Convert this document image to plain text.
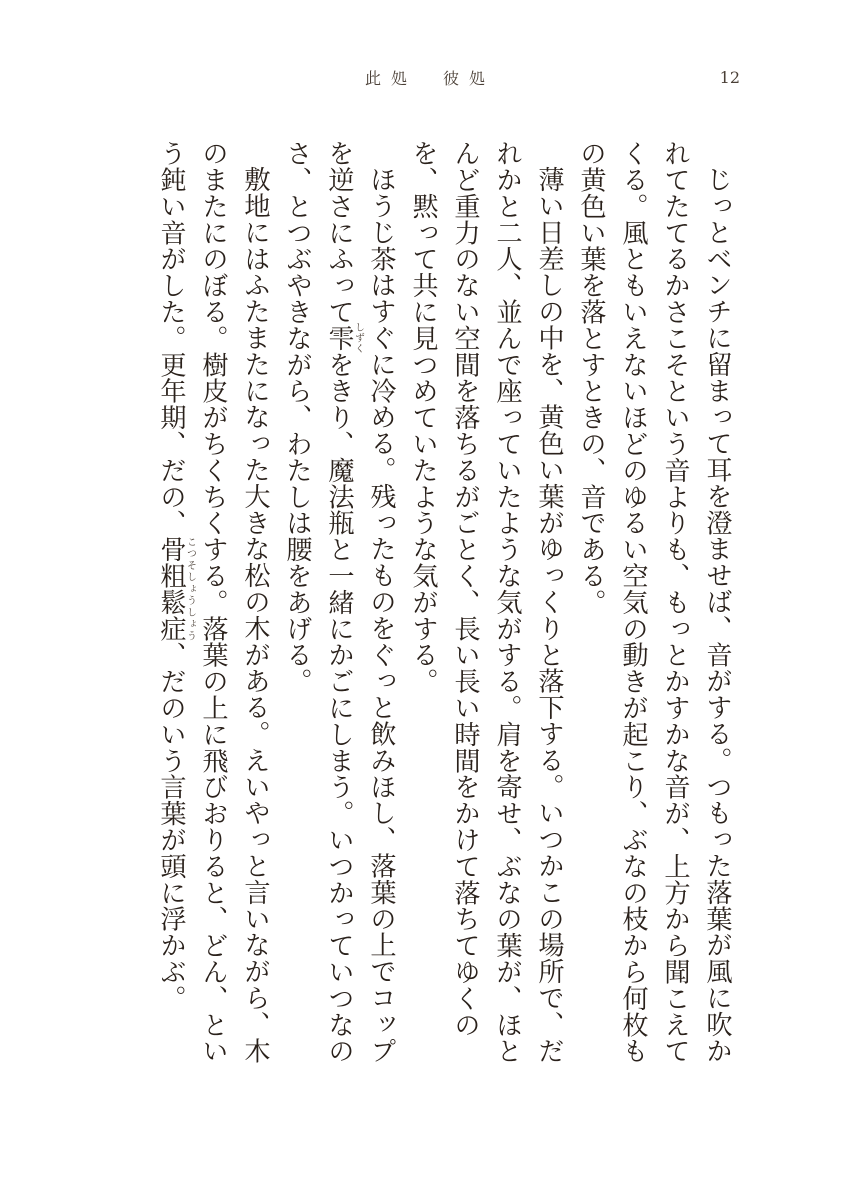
此処　彼処	12

じっとベンチに留まって耳を澄ませば、音がする。つもった落葉が風に吹かれてたてるかさこそという音よりも、もっとかすかな音が、上方から聞こえてくる。風ともいえないほどのゆるい空気の動きが起こり、ぶなの枝から何枚もの黄色い葉を落とすときの、音である。

薄い日差しの中を、黄色い葉がゆっくりと落下する。いつかこの場所で、だれかと二人、並んで座っていたような気がする。肩を寄せ、ぶなの葉が、ほとんど重力のない空間を落ちるがごとく、長い長い時間をかけて落ちてゆくのを、黙って共に見つめていたような気がする。

ほうじ茶はすぐに冷める。残ったものをぐっと飲みほし、落葉の上でコップを逆さにふって雫しずくをきり、魔法瓶と一緒にかごにしまう。いつかっていつなのさ、とつぶやきながら、わたしは腰をあげる。

敷地にはふたまたになった大きな松の木がある。えいやっと言いながら、木のまたにのぼる。樹皮がちくちくする。落葉の上に飛びおりると、どん、という鈍い音がした。更年期、だの、骨粗鬆症こつそしょうしょう、だのいう言葉が頭に浮かぶ。
